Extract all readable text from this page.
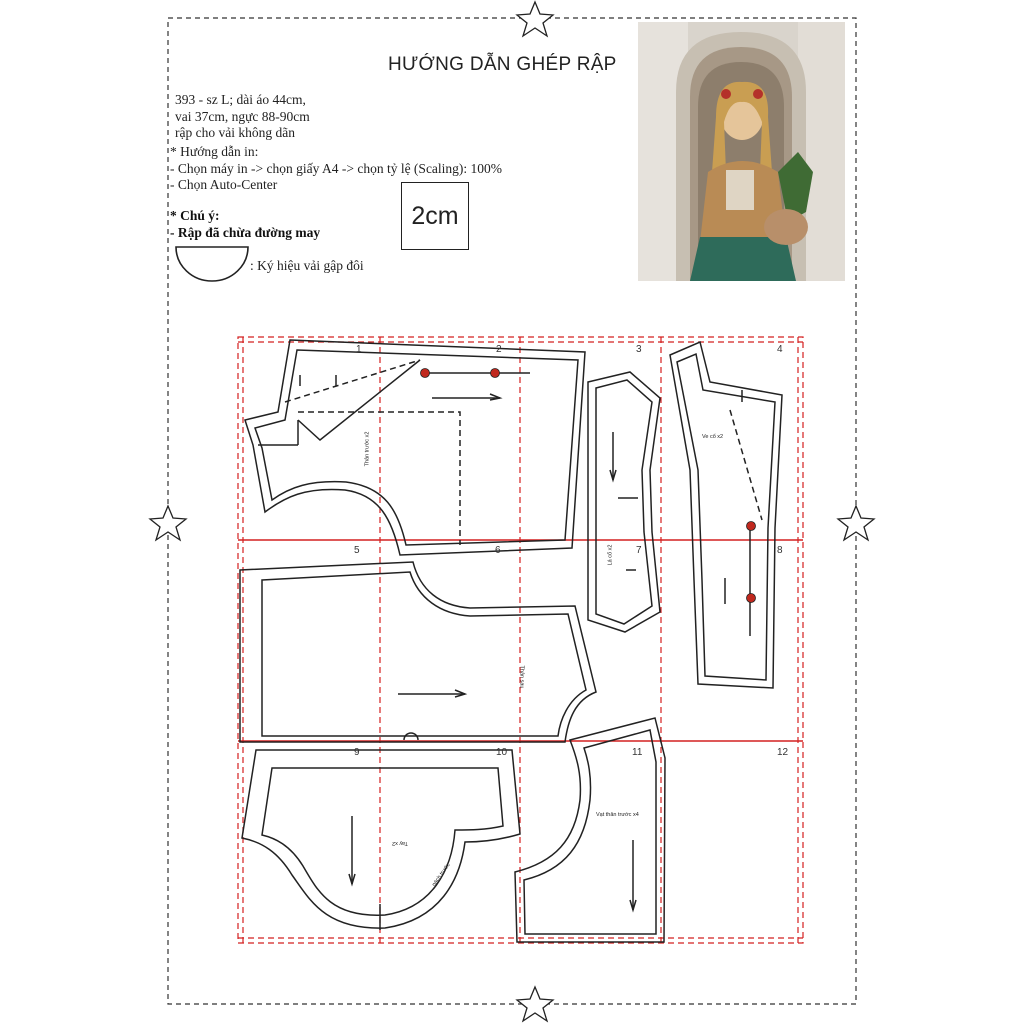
HƯỚNG DẪN GHÉP RẬP
393 - sz L; dài áo 44cm,
vai 37cm, ngực 88-90cm
rập cho vải không dãn
* Hướng dẫn in:
- Chọn máy in -> chọn giấy A4 -> chọn tỷ lệ (Scaling): 100%
- Chọn Auto-Center
* Chú ý:
- Rập đã chừa đường may
: Ký hiệu vải gập đôi
2cm
1	2	3	4
5	6	7	8
9	10	11	12
Thân trước x2	Ve cổ x2
Lá cổ x2
Thân sau
Tay x2
nách trước
Vạt thân trước x4
